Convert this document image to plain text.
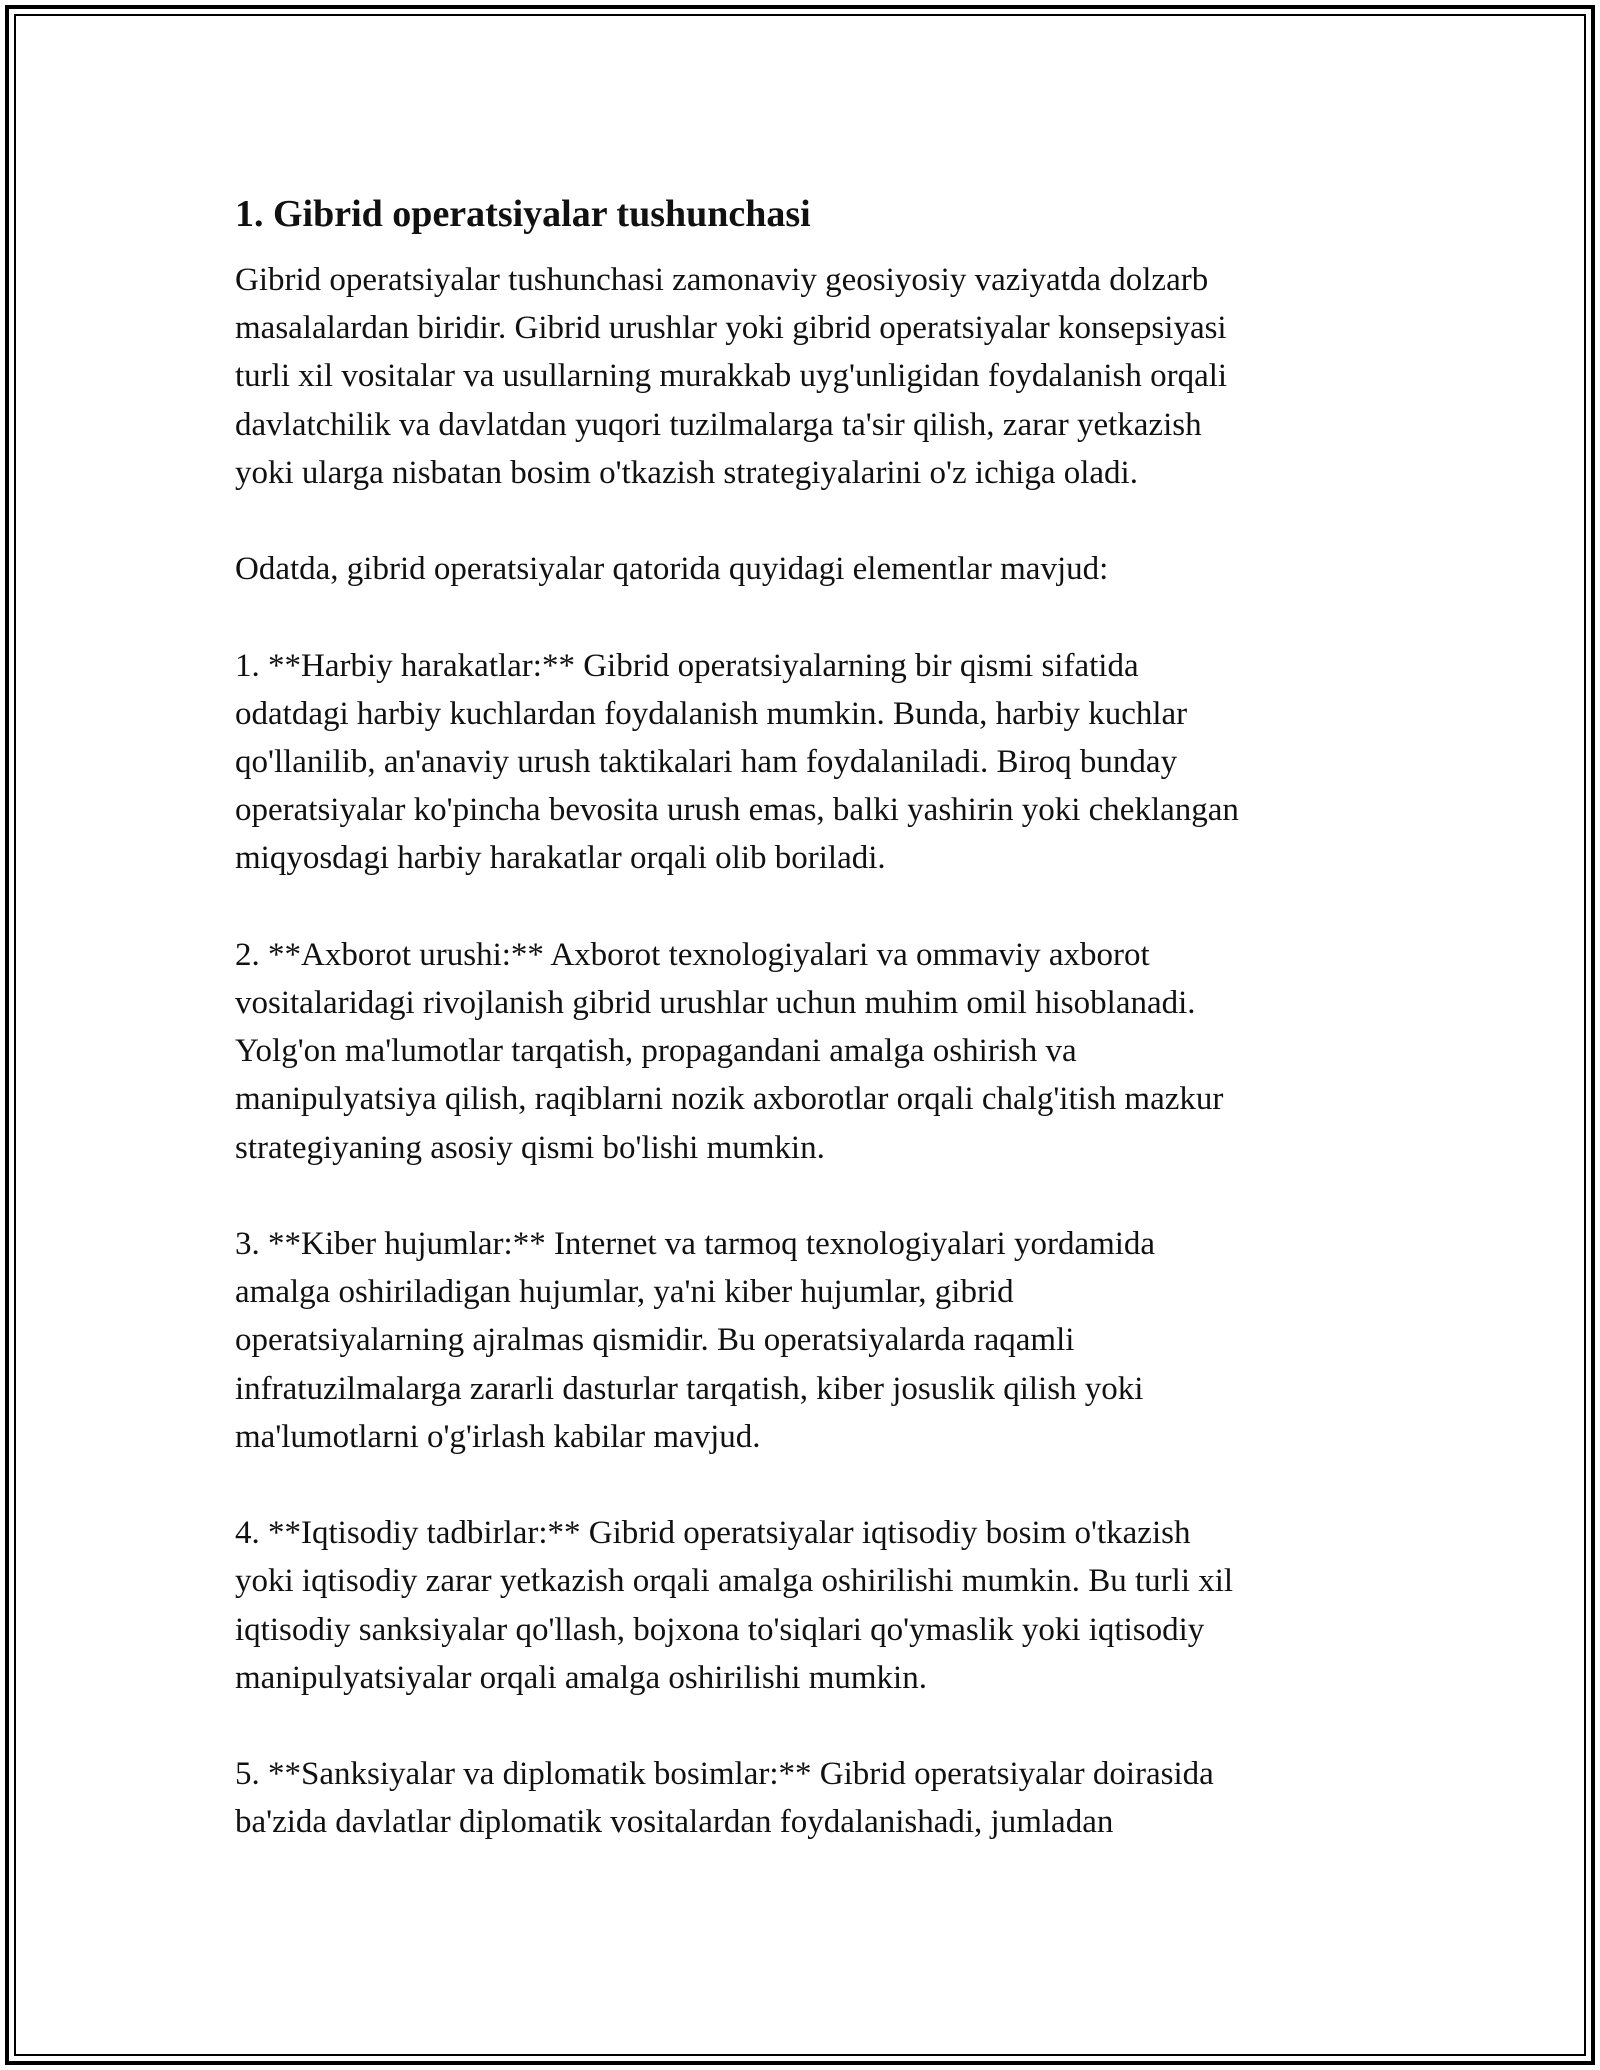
1. Gibrid operatsiyalar tushunchasi
Gibrid operatsiyalar tushunchasi zamonaviy geosiyosiy vaziyatda dolzarb
masalalardan biridir. Gibrid urushlar yoki gibrid operatsiyalar konsepsiyasi
turli xil vositalar va usullarning murakkab uyg'unligidan foydalanish orqali
davlatchilik va davlatdan yuqori tuzilmalarga ta'sir qilish, zarar yetkazish
yoki ularga nisbatan bosim o'tkazish strategiyalarini o'z ichiga oladi.
Odatda, gibrid operatsiyalar qatorida quyidagi elementlar mavjud:
1. **Harbiy harakatlar:** Gibrid operatsiyalarning bir qismi sifatida
odatdagi harbiy kuchlardan foydalanish mumkin. Bunda, harbiy kuchlar
qo'llanilib, an'anaviy urush taktikalari ham foydalaniladi. Biroq bunday
operatsiyalar ko'pincha bevosita urush emas, balki yashirin yoki cheklangan
miqyosdagi harbiy harakatlar orqali olib boriladi.
2. **Axborot urushi:** Axborot texnologiyalari va ommaviy axborot
vositalaridagi rivojlanish gibrid urushlar uchun muhim omil hisoblanadi.
Yolg'on ma'lumotlar tarqatish, propagandani amalga oshirish va
manipulyatsiya qilish, raqiblarni nozik axborotlar orqali chalg'itish mazkur
strategiyaning asosiy qismi bo'lishi mumkin.
3. **Kiber hujumlar:** Internet va tarmoq texnologiyalari yordamida
amalga oshiriladigan hujumlar, ya'ni kiber hujumlar, gibrid
operatsiyalarning ajralmas qismidir. Bu operatsiyalarda raqamli
infratuzilmalarga zararli dasturlar tarqatish, kiber josuslik qilish yoki
ma'lumotlarni o'g'irlash kabilar mavjud.
4. **Iqtisodiy tadbirlar:** Gibrid operatsiyalar iqtisodiy bosim o'tkazish
yoki iqtisodiy zarar yetkazish orqali amalga oshirilishi mumkin. Bu turli xil
iqtisodiy sanksiyalar qo'llash, bojxona to'siqlari qo'ymaslik yoki iqtisodiy
manipulyatsiyalar orqali amalga oshirilishi mumkin.
5. **Sanksiyalar va diplomatik bosimlar:** Gibrid operatsiyalar doirasida
ba'zida davlatlar diplomatik vositalardan foydalanishadi, jumladan
